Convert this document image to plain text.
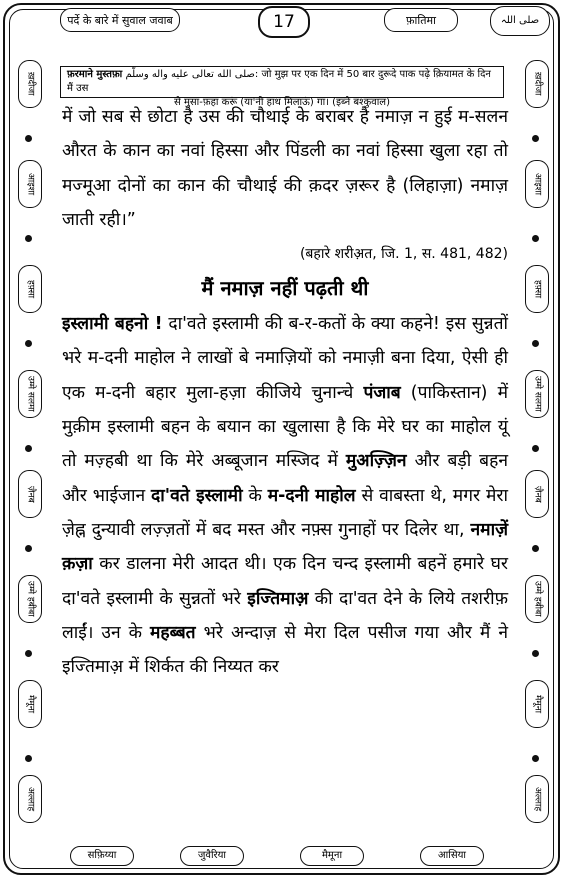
पर्दे के बारे में सुवाल जवाब	17	फ़ातिमा	صلی اللہ
फ़रमाने मुस्तफ़ा صلى الله تعالى عليه واله وسلّم: जो मुझ पर एक दिन में 50 बार दुरूदे पाक पढ़े क़ियामत के दिन मैं उस
से मुसा-फ़हा करूं (या'नी हाथ मिलाऊं) गा। (इब्ने बश्कुवाल)
ख़दीजा
आइशा
हफ़्सा
उम्मे सलमा
ज़ैनब
उम्मे हबीबा
मैमूना
अल्लाह
ख़दीजा
आइशा
हफ़्सा
उम्मे सलमा
ज़ैनब
उम्मे हबीबा
मैमूना
अल्लाह

में जो सब से छोटा है उस की चौथाई के बराबर है नमाज़ न हुई म-सलन औरत के कान का नवां हिस्सा और पिंडली का नवां हिस्सा खुला रहा तो मज्मूआ दोनों का कान की चौथाई की क़दर ज़रूर है (लिहाज़ा) नमाज़ जाती रही।”

(बहारे शरीअ़त, जि. 1, स. 481, 482)
मैं नमाज़ नहीं पढ़ती थी

इस्लामी बहनो ! दा'वते इस्लामी की ब-र-कतों के क्या कहने! इस सुन्नतों भरे म-दनी माहोल ने लाखों बे नमाज़ियों को नमाज़ी बना दिया, ऐसी ही एक म-दनी बहार मुला-हज़ा कीजिये चुनान्चे पंजाब (पाकिस्तान) में मुक़ीम इस्लामी बहन के बयान का खुलासा है कि मेरे घर का माहोल यूं तो मज़्हबी था कि मेरे अब्बूजान मस्जिद में मुअज़्ज़िन और बड़ी बहन और भाईजान दा'वते इस्लामी के म-दनी माहोल से वाबस्ता थे, मगर मेरा ज़ेह्न दुन्यावी लज़्ज़तों में बद मस्त और नफ़्स गुनाहों पर दिलेर था, नमाज़ें क़ज़ा कर डालना मेरी आदत थी। एक दिन चन्द इस्लामी बहनें हमारे घर दा'वते इस्लामी के सुन्नतों भरे इज्तिमाअ़ की दा'वत देने के लिये तशरीफ़ लाईं। उन के महब्बत भरे अन्दाज़ से मेरा दिल पसीज गया और मैं ने इज्तिमाअ़ में शिर्कत की निय्यत कर

सफ़िय्या	जुवैरिया	मैमूना	आसिया
